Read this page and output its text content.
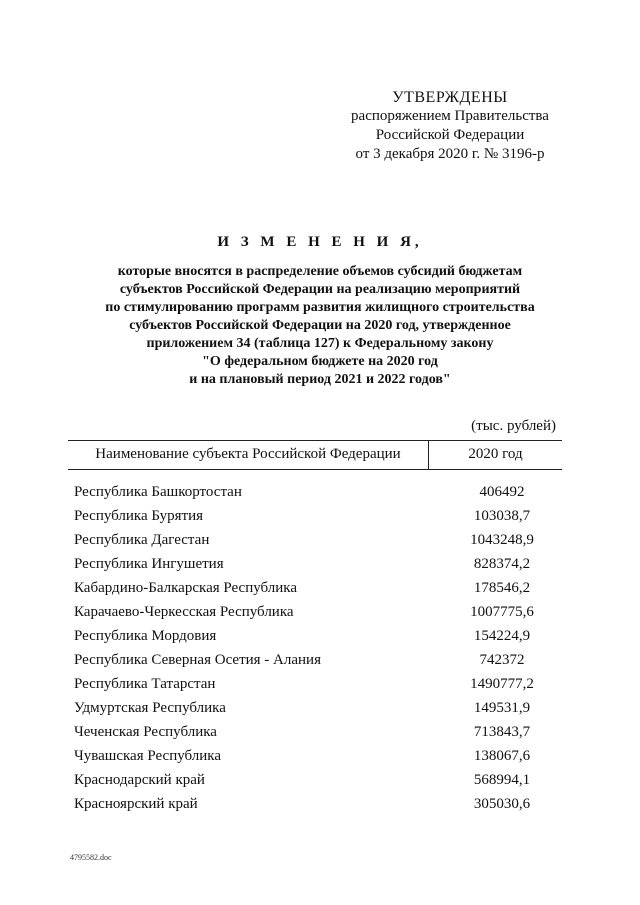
УТВЕРЖДЕНЫ
распоряжением Правительства
Российской Федерации
от 3 декабря 2020 г. № 3196-р
И З М Е Н Е Н И Я,
которые вносятся в распределение объемов субсидий бюджетам
субъектов Российской Федерации на реализацию мероприятий
по стимулированию программ развития жилищного строительства
субъектов Российской Федерации на 2020 год, утвержденное
приложением 34 (таблица 127) к Федеральному закону
"О федеральном бюджете на 2020 год
и на плановый период 2021 и 2022 годов"
(тыс. рублей)
Наименование субъекта Российской Федерации	2020 год
Республика Башкортостан	406492
Республика Бурятия	103038,7
Республика Дагестан	1043248,9
Республика Ингушетия	828374,2
Кабардино-Балкарская Республика	178546,2
Карачаево-Черкесская Республика	1007775,6
Республика Мордовия	154224,9
Республика Северная Осетия - Алания	742372
Республика Татарстан	1490777,2
Удмуртская Республика	149531,9
Чеченская Республика	713843,7
Чувашская Республика	138067,6
Краснодарский край	568994,1
Красноярский край	305030,6
4795582.doc
